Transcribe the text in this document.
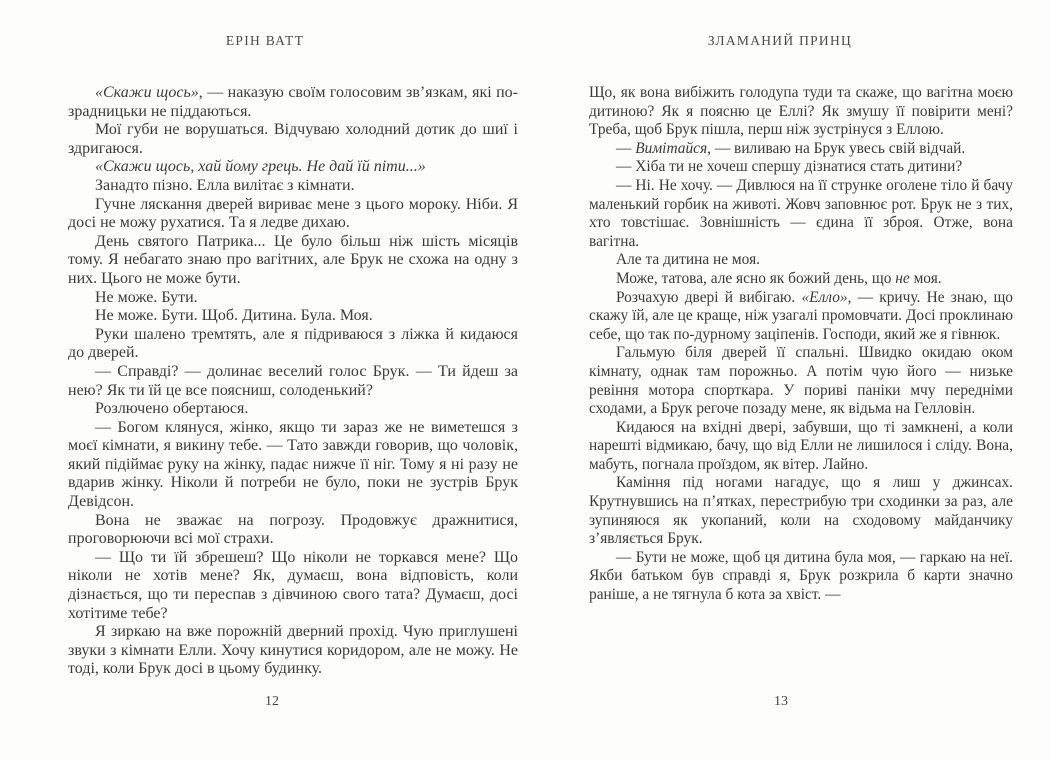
ЕРІН ВАТТ

«Скажи щось», — наказую своїм голосовим зв’язкам, які по-зрадницьки не піддаються.

Мої губи не ворушаться. Відчуваю холодний дотик до шиї і здригаюся.

«Скажи щось, хай йому грець. Не дай їй піти...»

Занадто пізно. Елла вилітає з кімнати.

Гучне ляскання дверей вириває мене з цього мороку. Ніби. Я досі не можу рухатися. Та я ледве дихаю.

День святого Патрика... Це було більш ніж шість місяців тому. Я небагато знаю про вагітних, але Брук не схожа на одну з них. Цього не може бути.

Не може. Бути.

Не може. Бути. Щоб. Дитина. Була. Моя.

Руки шалено тремтять, але я підриваюся з ліжка й кидаюся до дверей.

— Справді? — долинає веселий голос Брук. — Ти йдеш за нею? Як ти їй це все поясниш, солоденький?

Розлючено обертаюся.

— Богом клянуся, жінко, якщо ти зараз же не виметешся з моєї кімнати, я викину тебе. — Тато завжди говорив, що чоловік, який підіймає руку на жінку, падає нижче її ніг. Тому я ні разу не вдарив жінку. Ніколи й потреби не було, поки не зустрів Брук Девідсон.

Вона не зважає на погрозу. Продовжує дражнитися, проговорюючи всі мої страхи.

— Що ти їй збрешеш? Що ніколи не торкався мене? Що ніколи не хотів мене? Як, думаєш, вона відповість, коли дізнається, що ти переспав з дівчиною свого тата? Думаєш, досі хотітиме тебе?

Я зиркаю на вже порожній дверний прохід. Чую приглушені звуки з кімнати Елли. Хочу кинутися коридором, але не можу. Не тоді, коли Брук досі в цьому будинку.

12
ЗЛАМАНИЙ ПРИНЦ

Що, як вона вибіжить голодупа туди та скаже, що вагітна моєю дитиною? Як я поясню це Еллі? Як змушу її повірити мені? Треба, щоб Брук пішла, перш ніж зустрінуся з Еллою.

— Вимітайся, — виливаю на Брук увесь свій відчай.

— Хіба ти не хочеш спершу дізнатися стать дитини?

— Ні. Не хочу. — Дивлюся на її струнке оголене тіло й бачу маленький горбик на животі. Жовч заповнює рот. Брук не з тих, хто товстішає. Зовнішність — єдина її зброя. Отже, вона вагітна.

Але та дитина не моя.

Може, татова, але ясно як божий день, що не моя.

Розчахую двері й вибігаю. «Елло», — кричу. Не знаю, що скажу їй, але це краще, ніж узагалі промовчати. Досі проклинаю себе, що так по-дурному заціпенів. Господи, який же я гівнюк.

Гальмую біля дверей її спальні. Швидко окидаю оком кімнату, однак там порожньо. А потім чую його — низьке ревіння мотора спорткара. У пориві паніки мчу передніми сходами, а Брук регоче позаду мене, як відьма на Гелловін.

Кидаюся на вхідні двері, забувши, що ті замкнені, а коли нарешті відмикаю, бачу, що від Елли не лишилося і сліду. Вона, мабуть, погнала проїздом, як вітер. Лайно.

Каміння під ногами нагадує, що я лиш у джинсах. Крутнувшись на п’ятках, перестрибую три сходинки за раз, але зупиняюся як укопаний, коли на сходовому майданчику з’являється Брук.

— Бути не може, щоб ця дитина була моя, — гаркаю на неї. Якби батьком був справді я, Брук розкрила б карти значно раніше, а не тягнула б кота за хвіст. —

13
